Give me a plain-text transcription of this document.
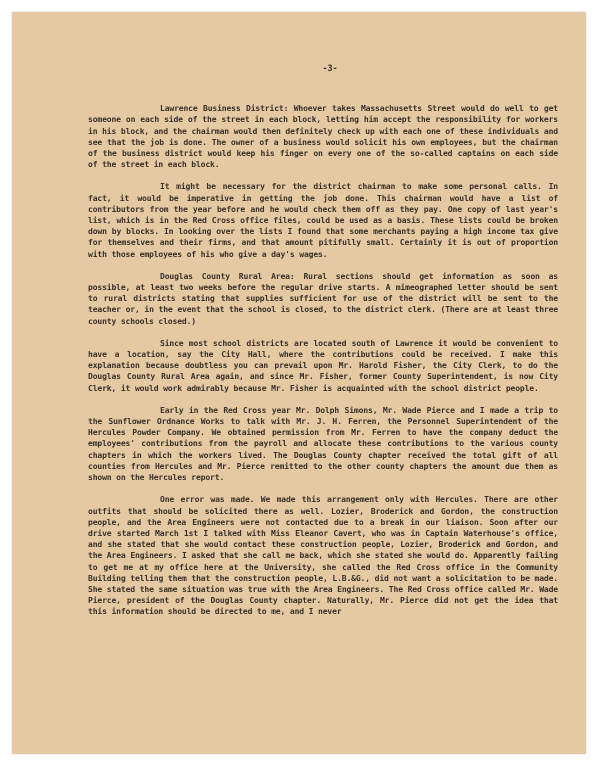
-3-

Lawrence Business District: Whoever takes Massachusetts Street would do well to get someone on each side of the street in each block, letting him accept the responsibility for workers in his block, and the chairman would then definitely check up with each one of these individuals and see that the job is done. The owner of a business would solicit his own employees, but the chairman of the business district would keep his finger on every one of the so-called captains on each side of the street in each block.

It might be necessary for the district chairman to make some personal calls. In fact, it would be imperative in getting the job done. This chairman would have a list of contributors from the year before and he would check them off as they pay. One copy of last year's list, which is in the Red Cross office files, could be used as a basis. These lists could be broken down by blocks. In looking over the lists I found that some merchants paying a high income tax give for themselves and their firms, and that amount pitifully small. Certainly it is out of proportion with those employees of his who give a day's wages.

Douglas County Rural Area: Rural sections should get information as soon as possible, at least two weeks before the regular drive starts. A mimeographed letter should be sent to rural districts stating that supplies sufficient for use of the district will be sent to the teacher or, in the event that the school is closed, to the district clerk. (There are at least three county schools closed.)

Since most school districts are located south of Lawrence it would be convenient to have a location, say the City Hall, where the contributions could be received. I make this explanation because doubtless you can prevail upon Mr. Harold Fisher, the City Clerk, to do the Douglas County Rural Area again, and since Mr. Fisher, former County Superintendent, is now City Clerk, it would work admirably because Mr. Fisher is acquainted with the school district people.

Early in the Red Cross year Mr. Dolph Simons, Mr. Wade Pierce and I made a trip to the Sunflower Ordnance Works to talk with Mr. J. H. Ferren, the Personnel Superintendent of the Hercules Powder Company. We obtained permission from Mr. Ferren to have the company deduct the employees' contributions from the payroll and allocate these contributions to the various county chapters in which the workers lived. The Douglas County chapter received the total gift of all counties from Hercules and Mr. Pierce remitted to the other county chapters the amount due them as shown on the Hercules report.

One error was made. We made this arrangement only with Hercules. There are other outfits that should be solicited there as well. Lozier, Broderick and Gordon, the construction people, and the Area Engineers were not contacted due to a break in our liaison. Soon after our drive started March 1st I talked with Miss Eleanor Cavert, who was in Captain Waterhouse's office, and she stated that she would contact these construction people, Lozier, Broderick and Gordon, and the Area Engineers. I asked that she call me back, which she stated she would do. Apparently failing to get me at my office here at the University, she called the Red Cross office in the Community Building telling them that the construction people, L.B.&G., did not want a solicitation to be made. She stated the same situation was true with the Area Engineers. The Red Cross office called Mr. Wade Pierce, president of the Douglas County chapter. Naturally, Mr. Pierce did not get the idea that this information should be directed to me, and I never
